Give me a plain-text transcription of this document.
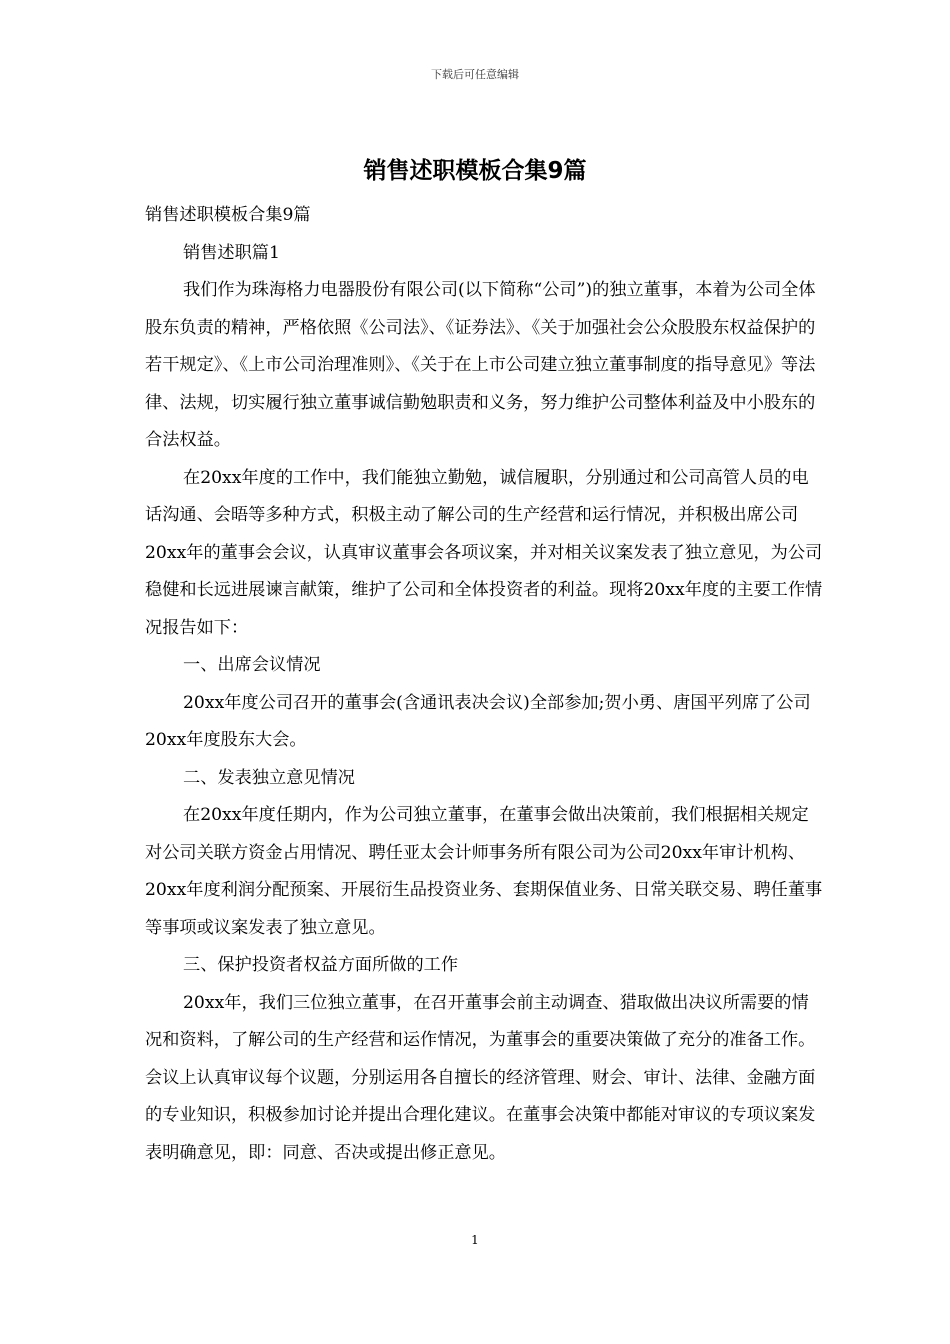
下载后可任意编辑
销售述职模板合集9篇

销售述职模板合集9篇

销售述职篇1

我们作为珠海格力电器股份有限公司(以下简称“公司”)的独立董事，本着为公司全体股东负责的精神，严格依照《公司法》、《证券法》、《关于加强社会公众股股东权益保护的若干规定》、《上市公司治理准则》、《关于在上市公司建立独立董事制度的指导意见》等法律、法规，切实履行独立董事诚信勤勉职责和义务，努力维护公司整体利益及中小股东的合法权益。

在20xx年度的工作中，我们能独立勤勉，诚信履职，分别通过和公司高管人员的电话沟通、会晤等多种方式，积极主动了解公司的生产经营和运行情况，并积极出席公司20xx年的董事会会议，认真审议董事会各项议案，并对相关议案发表了独立意见，为公司稳健和长远进展谏言献策，维护了公司和全体投资者的利益。现将20xx年度的主要工作情况报告如下：

一、出席会议情况

20xx年度公司召开的董事会(含通讯表决会议)全部参加;贺小勇、唐国平列席了公司20xx年度股东大会。

二、发表独立意见情况

在20xx年度任期内，作为公司独立董事，在董事会做出决策前，我们根据相关规定对公司关联方资金占用情况、聘任亚太会计师事务所有限公司为公司20xx年审计机构、20xx年度利润分配预案、开展衍生品投资业务、套期保值业务、日常关联交易、聘任董事等事项或议案发表了独立意见。

三、保护投资者权益方面所做的工作

20xx年，我们三位独立董事，在召开董事会前主动调查、猎取做出决议所需要的情况和资料，了解公司的生产经营和运作情况，为董事会的重要决策做了充分的准备工作。会议上认真审议每个议题，分别运用各自擅长的经济管理、财会、审计、法律、金融方面的专业知识，积极参加讨论并提出合理化建议。在董事会决策中都能对审议的专项议案发表明确意见，即：同意、否决或提出修正意见。

1
